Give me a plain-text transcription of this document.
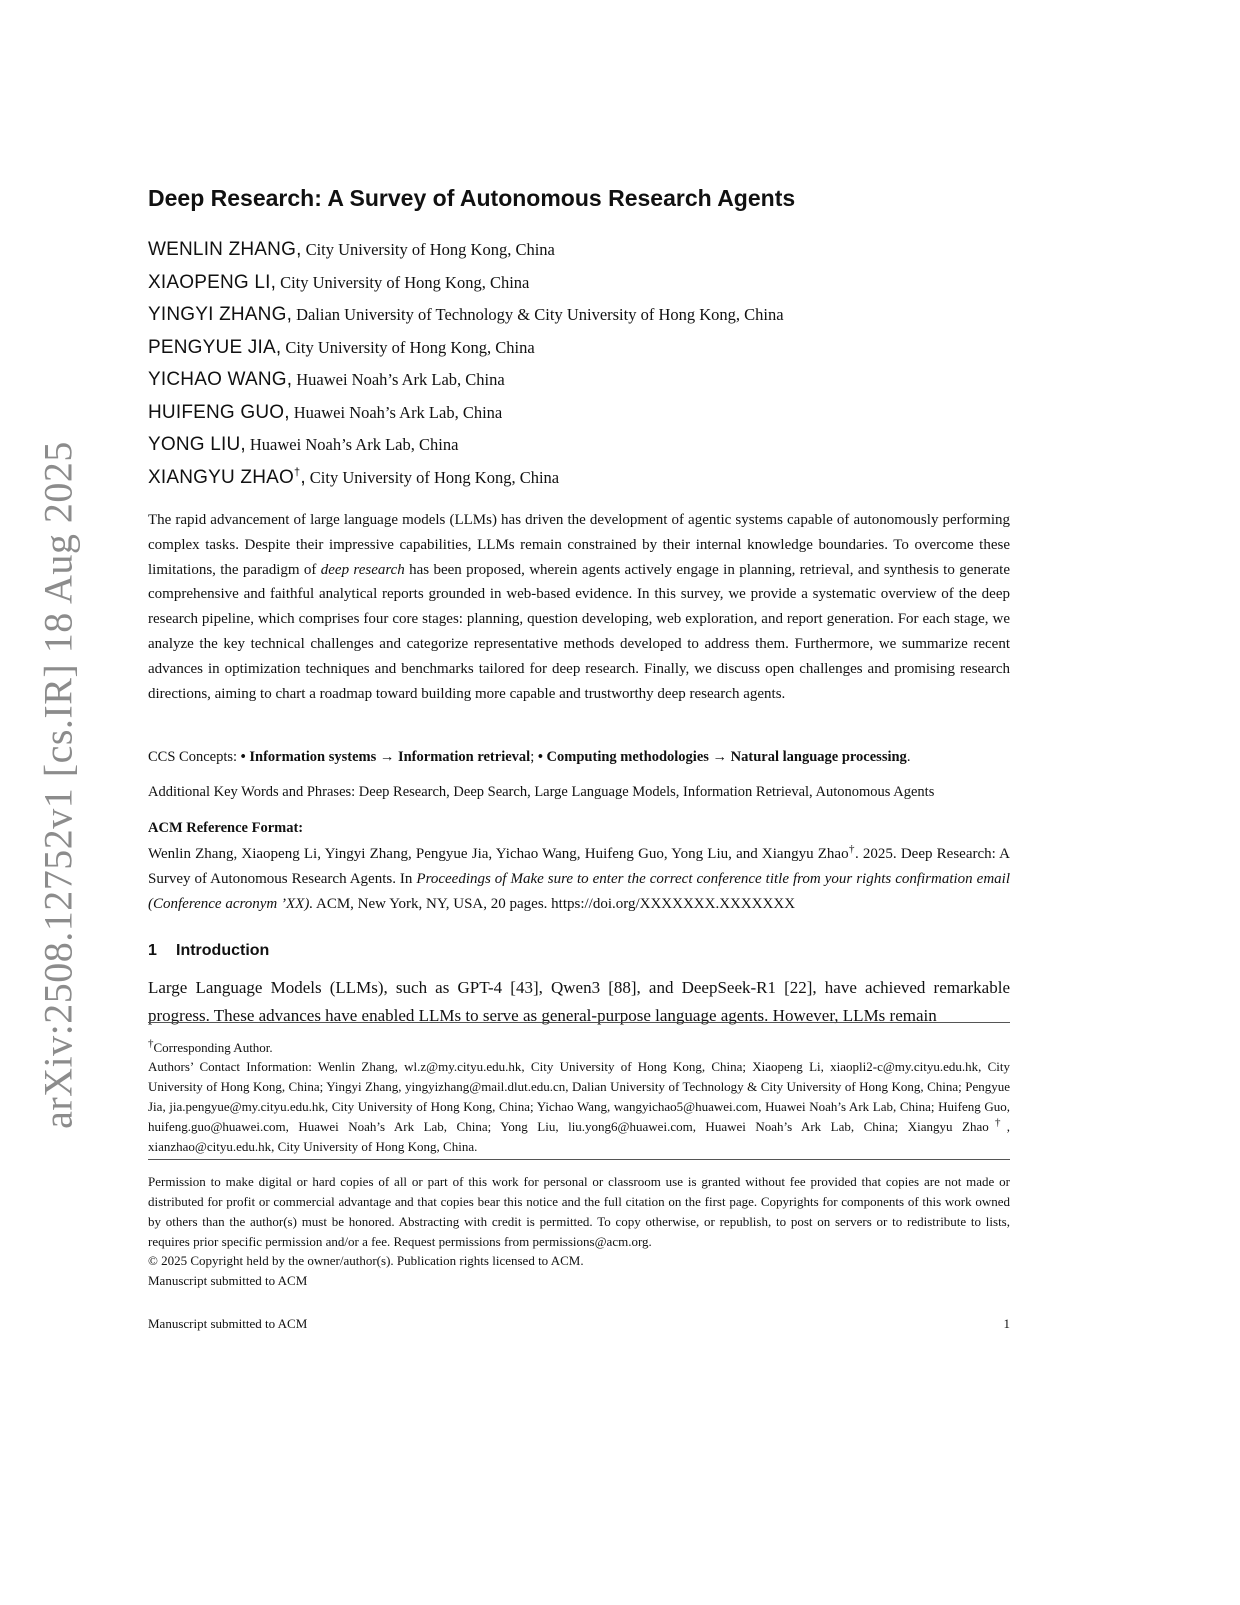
arXiv:2508.12752v1 [cs.IR] 18 Aug 2025
Deep Research: A Survey of Autonomous Research Agents
WENLIN ZHANG, City University of Hong Kong, China
XIAOPENG LI, City University of Hong Kong, China
YINGYI ZHANG, Dalian University of Technology & City University of Hong Kong, China
PENGYUE JIA, City University of Hong Kong, China
YICHAO WANG, Huawei Noah’s Ark Lab, China
HUIFENG GUO, Huawei Noah’s Ark Lab, China
YONG LIU, Huawei Noah’s Ark Lab, China
XIANGYU ZHAO†, City University of Hong Kong, China

The rapid advancement of large language models (LLMs) has driven the development of agentic systems capable of autonomously performing complex tasks. Despite their impressive capabilities, LLMs remain constrained by their internal knowledge boundaries. To overcome these limitations, the paradigm of deep research has been proposed, wherein agents actively engage in planning, retrieval, and synthesis to generate comprehensive and faithful analytical reports grounded in web-based evidence. In this survey, we provide a systematic overview of the deep research pipeline, which comprises four core stages: planning, question developing, web exploration, and report generation. For each stage, we analyze the key technical challenges and categorize representative methods developed to address them. Furthermore, we summarize recent advances in optimization techniques and benchmarks tailored for deep research. Finally, we discuss open challenges and promising research directions, aiming to chart a roadmap toward building more capable and trustworthy deep research agents.

CCS Concepts: • Information systems → Information retrieval; • Computing methodologies → Natural language processing.
Additional Key Words and Phrases: Deep Research, Deep Search, Large Language Models, Information Retrieval, Autonomous Agents
ACM Reference Format:

Wenlin Zhang, Xiaopeng Li, Yingyi Zhang, Pengyue Jia, Yichao Wang, Huifeng Guo, Yong Liu, and Xiangyu Zhao†. 2025. Deep Research: A Survey of Autonomous Research Agents. In Proceedings of Make sure to enter the correct conference title from your rights confirmation email (Conference acronym ’XX). ACM, New York, NY, USA, 20 pages. https://doi.org/XXXXXXX.XXXXXXX

1 Introduction

Large Language Models (LLMs), such as GPT-4 [43], Qwen3 [88], and DeepSeek-R1 [22], have achieved remarkable progress. These advances have enabled LLMs to serve as general-purpose language agents. However, LLMs remain

†Corresponding Author.

Authors’ Contact Information: Wenlin Zhang, wl.z@my.cityu.edu.hk, City University of Hong Kong, China; Xiaopeng Li, xiaopli2-c@my.cityu.edu.hk, City University of Hong Kong, China; Yingyi Zhang, yingyizhang@mail.dlut.edu.cn, Dalian University of Technology & City University of Hong Kong, China; Pengyue Jia, jia.pengyue@my.cityu.edu.hk, City University of Hong Kong, China; Yichao Wang, wangyichao5@huawei.com, Huawei Noah’s Ark Lab, China; Huifeng Guo, huifeng.guo@huawei.com, Huawei Noah’s Ark Lab, China; Yong Liu, liu.yong6@huawei.com, Huawei Noah’s Ark Lab, China; Xiangyu Zhao†, xianzhao@cityu.edu.hk, City University of Hong Kong, China.

Permission to make digital or hard copies of all or part of this work for personal or classroom use is granted without fee provided that copies are not made or distributed for profit or commercial advantage and that copies bear this notice and the full citation on the first page. Copyrights for components of this work owned by others than the author(s) must be honored. Abstracting with credit is permitted. To copy otherwise, or republish, to post on servers or to redistribute to lists, requires prior specific permission and/or a fee. Request permissions from permissions@acm.org.

© 2025 Copyright held by the owner/author(s). Publication rights licensed to ACM.
Manuscript submitted to ACM
Manuscript submitted to ACM	1
